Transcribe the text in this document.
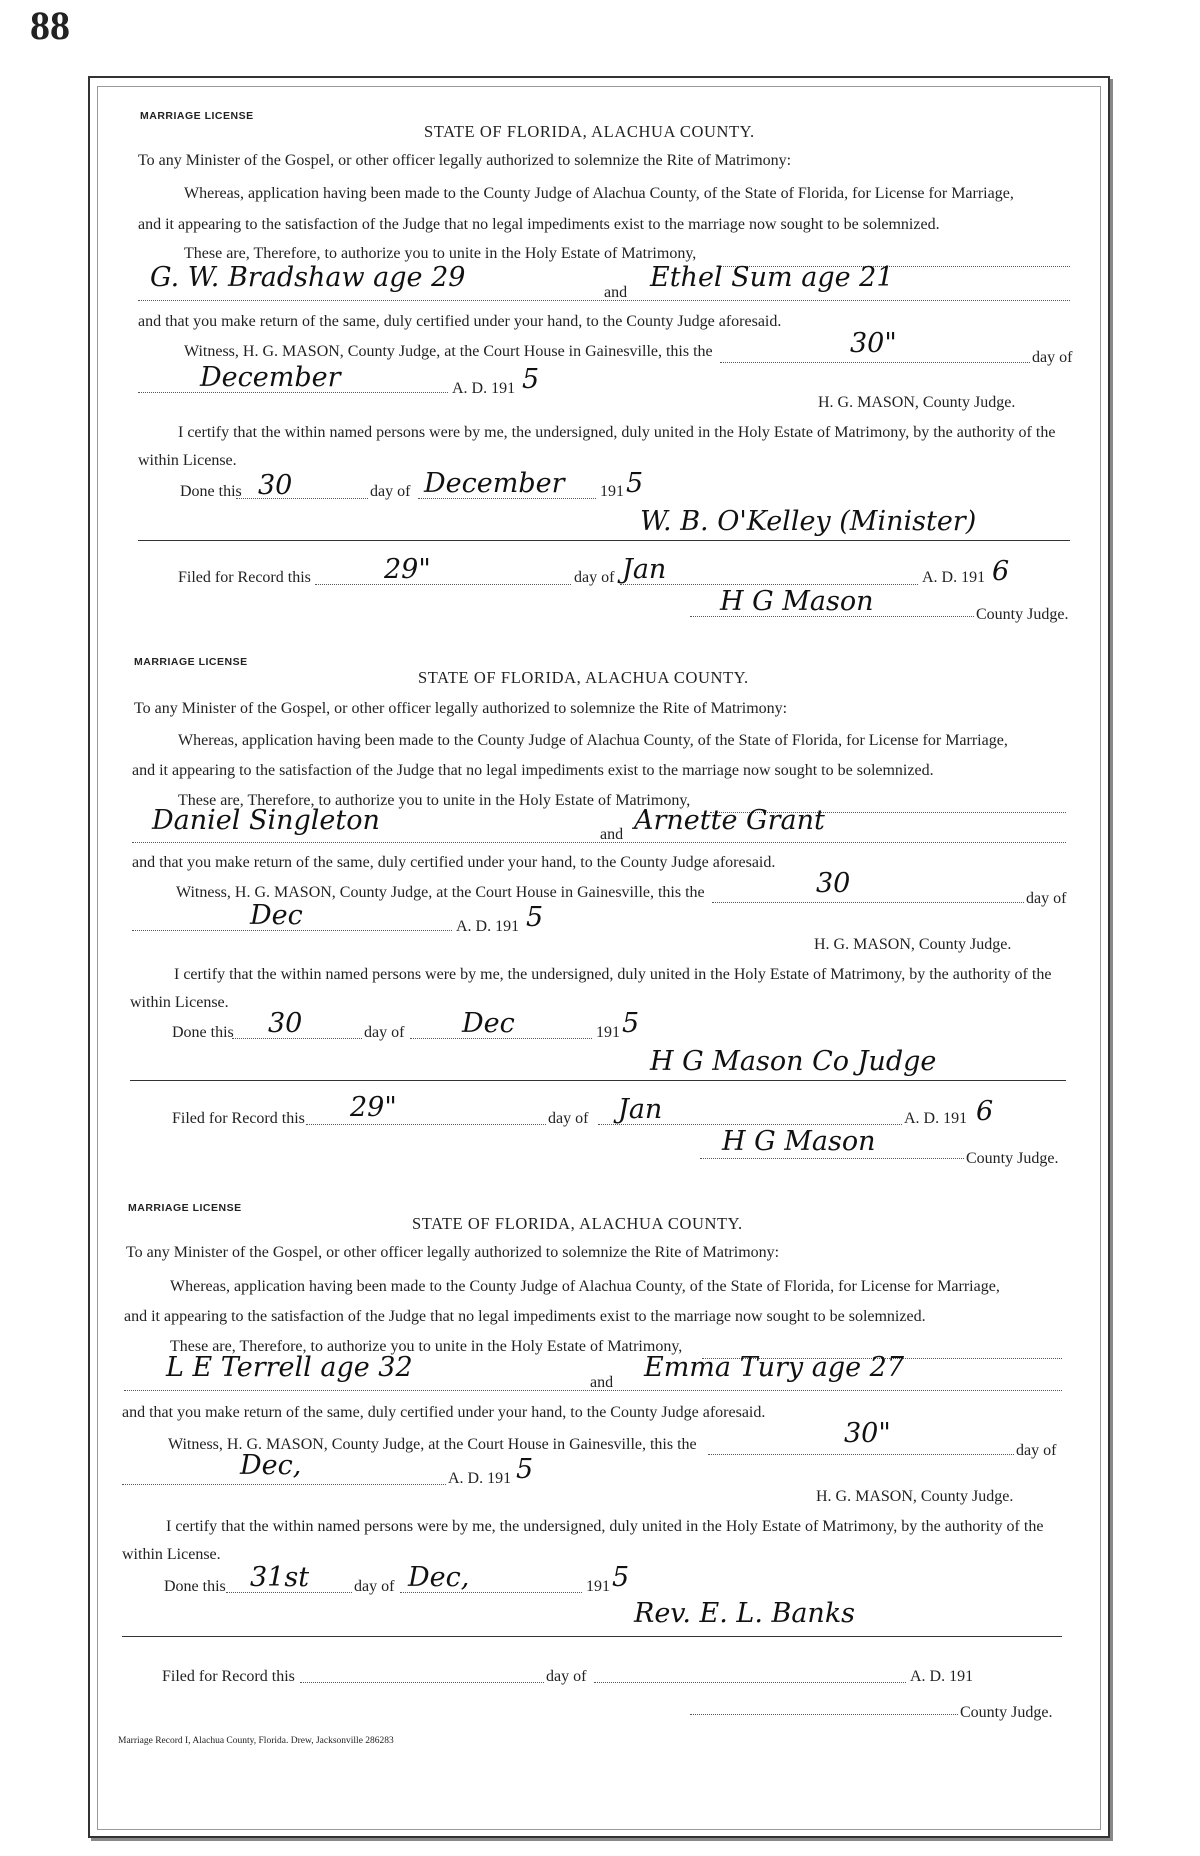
88
MARRIAGE LICENSE
STATE OF FLORIDA, ALACHUA COUNTY.
To any Minister of the Gospel, or other officer legally authorized to solemnize the Rite of Matrimony:
Whereas, application having been made to the County Judge of Alachua County, of the State of Florida, for License for Marriage,
and it appearing to the satisfaction of the Judge that no legal impediments exist to the marriage now sought to be solemnized.
These are, Therefore, to authorize you to unite in the Holy Estate of Matrimony,
G. W. Bradshaw age 29	and Ethel Sum age 21
and that you make return of the same, duly certified under your hand, to the County Judge aforesaid.
Witness, H. G. MASON, County Judge, at the Court House in Gainesville, this the	30"	day of
December	A. D. 191 5
H. G. MASON, County Judge.
I certify that the within named persons were by me, the undersigned, duly united in the Holy Estate of Matrimony, by the authority of the
within License.
Done this 30	day of December 191 5
W. B. O'Kelley (Minister)
Filed for Record this	29"	day of Jan	A. D. 191 6
H G Mason	County Judge.
MARRIAGE LICENSE
STATE OF FLORIDA, ALACHUA COUNTY.
To any Minister of the Gospel, or other officer legally authorized to solemnize the Rite of Matrimony:
Whereas, application having been made to the County Judge of Alachua County, of the State of Florida, for License for Marriage,
and it appearing to the satisfaction of the Judge that no legal impediments exist to the marriage now sought to be solemnized.
These are, Therefore, to authorize you to unite in the Holy Estate of Matrimony,
Daniel Singleton	and Arnette Grant
and that you make return of the same, duly certified under your hand, to the County Judge aforesaid.
Witness, H. G. MASON, County Judge, at the Court House in Gainesville, this the	30	day of
Dec	A. D. 191 5
H. G. MASON, County Judge.
I certify that the within named persons were by me, the undersigned, duly united in the Holy Estate of Matrimony, by the authority of the
within License.
Done this 30	day of Dec	191 5
H G Mason Co Judge
Filed for Record this 29"	day of Jan	A. D. 191 6
H G Mason
County Judge.
MARRIAGE LICENSE
STATE OF FLORIDA, ALACHUA COUNTY.
To any Minister of the Gospel, or other officer legally authorized to solemnize the Rite of Matrimony:
Whereas, application having been made to the County Judge of Alachua County, of the State of Florida, for License for Marriage,
and it appearing to the satisfaction of the Judge that no legal impediments exist to the marriage now sought to be solemnized.
These are, Therefore, to authorize you to unite in the Holy Estate of Matrimony,
L E Terrell age 32	and Emma Tury age 27
and that you make return of the same, duly certified under your hand, to the County Judge aforesaid.
Witness, H. G. MASON, County Judge, at the Court House in Gainesville, this the	30"
day of
Dec,	A. D. 191 5
H. G. MASON, County Judge.
I certify that the within named persons were by me, the undersigned, duly united in the Holy Estate of Matrimony, by the authority of the
within License.
Done this 31st	day of Dec,	191 5
Rev. E. L. Banks
Filed for Record this	day of	A. D. 191
County Judge.
Marriage Record I, Alachua County, Florida. Drew, Jacksonville 286283
